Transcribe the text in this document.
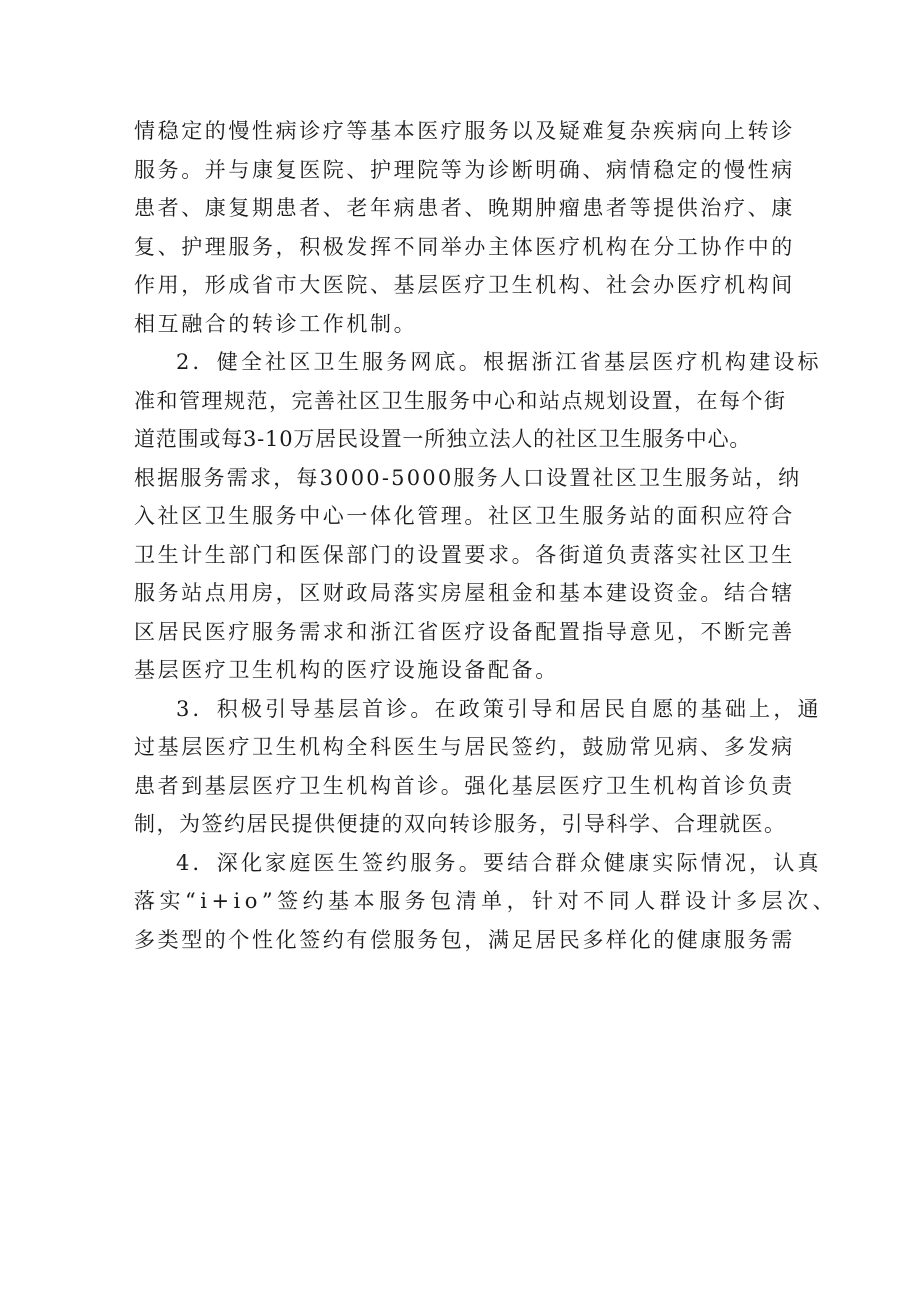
情稳定的慢性病诊疗等基本医疗服务以及疑难复杂疾病向上转诊
服务。并与康复医院、护理院等为诊断明确、病情稳定的慢性病
患者、康复期患者、老年病患者、晚期肿瘤患者等提供治疗、康
复、护理服务，积极发挥不同举办主体医疗机构在分工协作中的
作用，形成省市大医院、基层医疗卫生机构、社会办医疗机构间
相互融合的转诊工作机制。
2．健全社区卫生服务网底。根据浙江省基层医疗机构建设标
准和管理规范，完善社区卫生服务中心和站点规划设置，在每个街
道范围或每3-10万居民设置一所独立法人的社区卫生服务中心。
根据服务需求，每3000-5000服务人口设置社区卫生服务站，纳
入社区卫生服务中心一体化管理。社区卫生服务站的面积应符合
卫生计生部门和医保部门的设置要求。各街道负责落实社区卫生
服务站点用房，区财政局落实房屋租金和基本建设资金。结合辖
区居民医疗服务需求和浙江省医疗设备配置指导意见，不断完善
基层医疗卫生机构的医疗设施设备配备。
3．积极引导基层首诊。在政策引导和居民自愿的基础上，通
过基层医疗卫生机构全科医生与居民签约，鼓励常见病、多发病
患者到基层医疗卫生机构首诊。强化基层医疗卫生机构首诊负责
制，为签约居民提供便捷的双向转诊服务，引导科学、合理就医。
4．深化家庭医生签约服务。要结合群众健康实际情况，认真
落实“i+io”签约基本服务包清单，针对不同人群设计多层次、
多类型的个性化签约有偿服务包，满足居民多样化的健康服务需
